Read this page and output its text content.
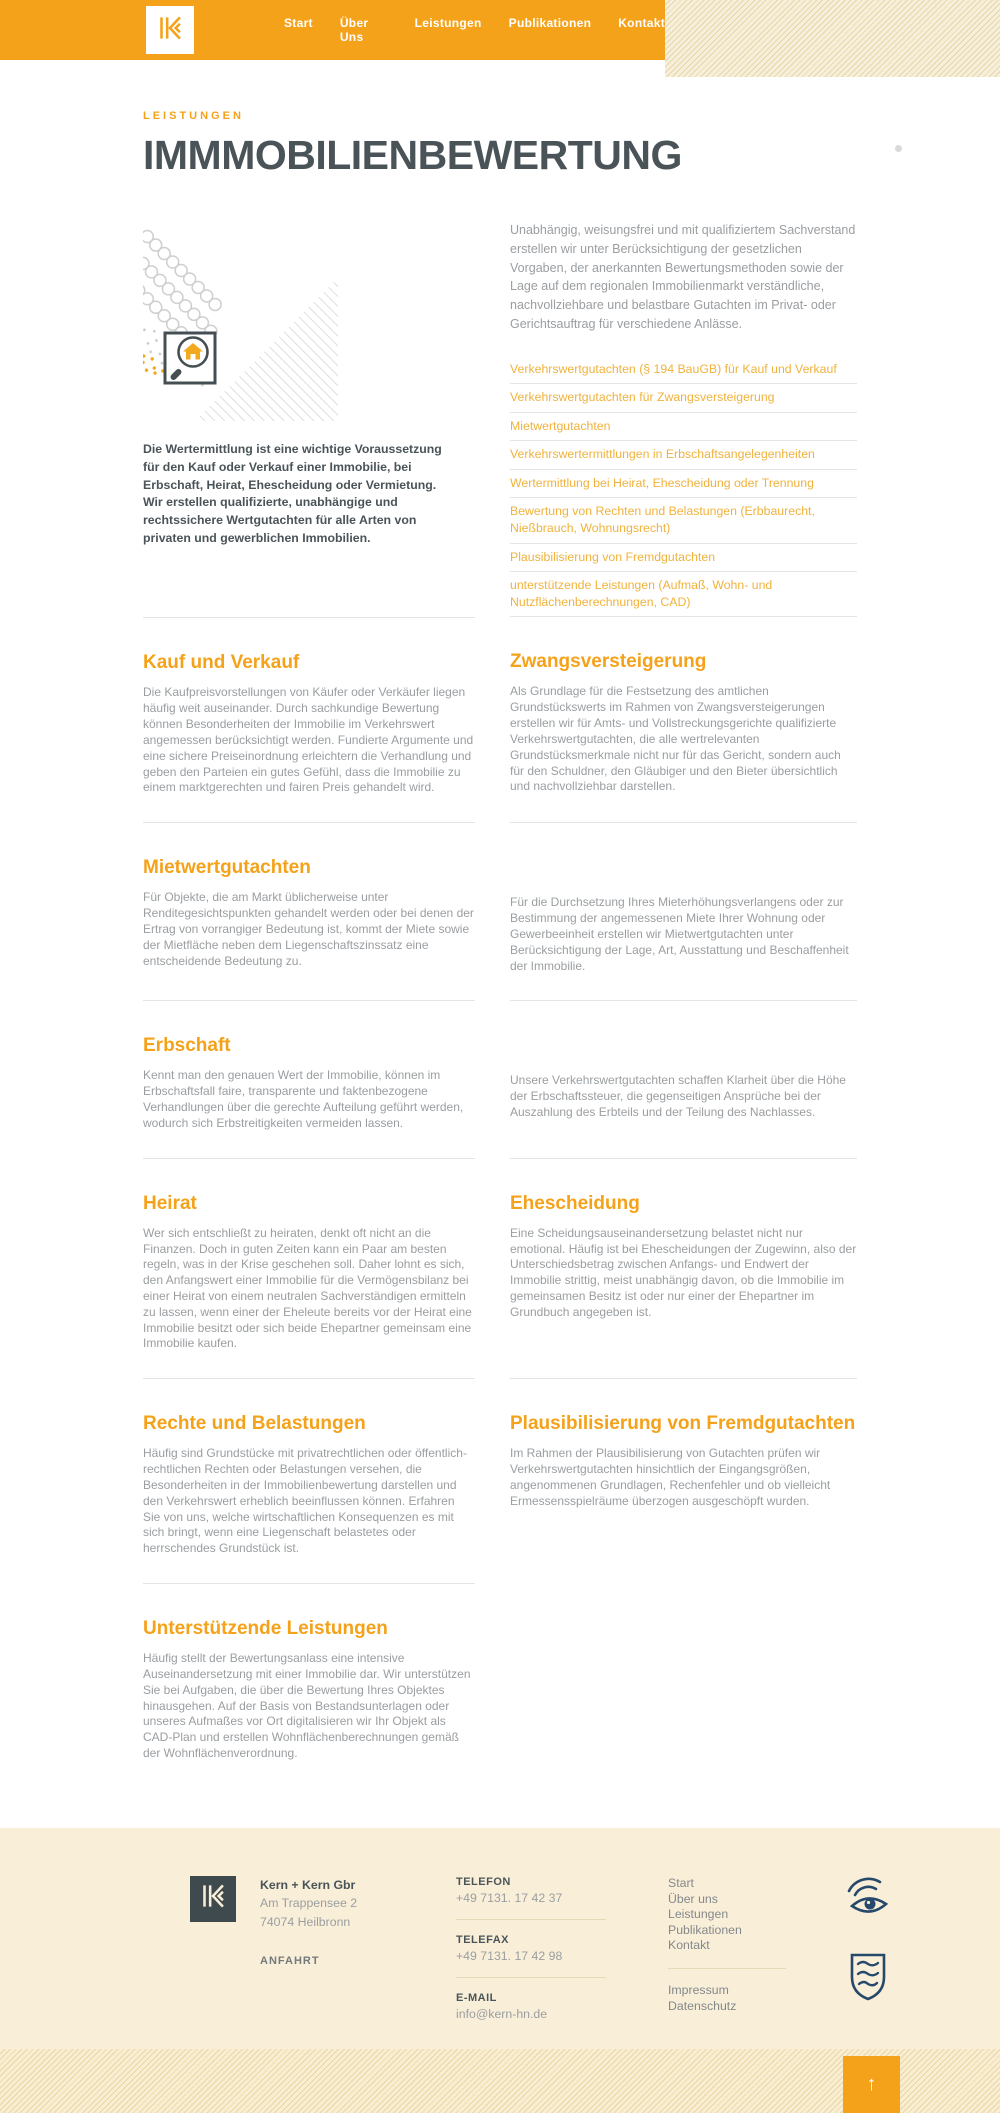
Start Über Uns
Leistungen Publikationen Kontakt
LEISTUNGEN
IMMMOBILIENBEWERTUNG

Die Wertermittlung ist eine wichtige Voraussetzung für den Kauf oder Verkauf einer Immobilie, bei Erbschaft, Heirat, Ehescheidung oder Vermietung. Wir erstellen qualifizierte, unabhängige und rechtssichere Wertgutachten für alle Arten von privaten und gewerblichen Immobilien.

Unabhängig, weisungsfrei und mit qualifiziertem Sachverstand erstellen wir unter Berücksichtigung der gesetzlichen Vorgaben, der anerkannten Bewertungsmethoden sowie der Lage auf dem regionalen Immobilienmarkt verständliche, nachvollziehbare und belastbare Gutachten im Privat- oder Gerichtsauftrag für verschiedene Anlässe.

Verkehrswertgutachten (§ 194 BauGB) für Kauf und Verkauf
Verkehrswertgutachten für Zwangsversteigerung
Mietwertgutachten
Verkehrswertermittlungen in Erbschaftsangelegenheiten
Wertermittlung bei Heirat, Ehescheidung oder Trennung
Bewertung von Rechten und Belastungen (Erbbaurecht, Nießbrauch, Wohnungsrecht)
Plausibilisierung von Fremdgutachten
unterstützende Leistungen (Aufmaß, Wohn- und Nutzflächenberechnungen, CAD)
Kauf und Verkauf

Die Kaufpreisvorstellungen von Käufer oder Verkäufer liegen häufig weit auseinander. Durch sachkundige Bewertung können Besonderheiten der Immobilie im Verkehrswert angemessen berücksichtigt werden. Fundierte Argumente und eine sichere Preiseinordnung erleichtern die Verhandlung und geben den Parteien ein gutes Gefühl, dass die Immobilie zu einem marktgerechten und fairen Preis gehandelt wird.

Zwangsversteigerung

Als Grundlage für die Festsetzung des amtlichen Grundstückswerts im Rahmen von Zwangsversteigerungen erstellen wir für Amts- und Vollstreckungsgerichte qualifizierte Verkehrswertgutachten, die alle wertrelevanten Grundstücksmerkmale nicht nur für das Gericht, sondern auch für den Schuldner, den Gläubiger und den Bieter übersichtlich und nachvollziehbar darstellen.

Mietwertgutachten

Für Objekte, die am Markt üblicherweise unter Renditegesichtspunkten gehandelt werden oder bei denen der Ertrag von vorrangiger Bedeutung ist, kommt der Miete sowie der Mietfläche neben dem Liegenschaftszinssatz eine entscheidende Bedeutung zu.

Für die Durchsetzung Ihres Mieterhöhungsverlangens oder zur Bestimmung der angemessenen Miete Ihrer Wohnung oder Gewerbeeinheit erstellen wir Mietwertgutachten unter Berücksichtigung der Lage, Art, Ausstattung und Beschaffenheit der Immobilie.

Erbschaft

Kennt man den genauen Wert der Immobilie, können im Erbschaftsfall faire, transparente und faktenbezogene Verhandlungen über die gerechte Aufteilung geführt werden, wodurch sich Erbstreitigkeiten vermeiden lassen.

Unsere Verkehrswertgutachten schaffen Klarheit über die Höhe der Erbschaftssteuer, die gegenseitigen Ansprüche bei der Auszahlung des Erbteils und der Teilung des Nachlasses.

Heirat

Wer sich entschließt zu heiraten, denkt oft nicht an die Finanzen. Doch in guten Zeiten kann ein Paar am besten regeln, was in der Krise geschehen soll. Daher lohnt es sich, den Anfangswert einer Immobilie für die Vermögensbilanz bei einer Heirat von einem neutralen Sachverständigen ermitteln zu lassen, wenn einer der Eheleute bereits vor der Heirat eine Immobilie besitzt oder sich beide Ehepartner gemeinsam eine Immobilie kaufen.

Ehescheidung

Eine Scheidungsauseinandersetzung belastet nicht nur emotional. Häufig ist bei Ehescheidungen der Zugewinn, also der Unterschiedsbetrag zwischen Anfangs- und Endwert der Immobilie strittig, meist unabhängig davon, ob die Immobilie im gemeinsamen Besitz ist oder nur einer der Ehepartner im Grundbuch angegeben ist.

Rechte und Belastungen

Häufig sind Grundstücke mit privatrechtlichen oder öffentlich-rechtlichen Rechten oder Belastungen versehen, die Besonderheiten in der Immobilienbewertung darstellen und den Verkehrswert erheblich beeinflussen können. Erfahren Sie von uns, welche wirtschaftlichen Konsequenzen es mit sich bringt, wenn eine Liegenschaft belastetes oder herrschendes Grundstück ist.

Plausibilisierung von Fremdgutachten

Im Rahmen der Plausibilisierung von Gutachten prüfen wir Verkehrswertgutachten hinsichtlich der Eingangsgrößen, angenommenen Grundlagen, Rechenfehler und ob vielleicht Ermessensspielräume überzogen ausgeschöpft wurden.

Unterstützende Leistungen

Häufig stellt der Bewertungsanlass eine intensive Auseinandersetzung mit einer Immobilie dar. Wir unterstützen Sie bei Aufgaben, die über die Bewertung Ihres Objektes hinausgehen. Auf der Basis von Bestandsunterlagen oder unseres Aufmaßes vor Ort digitalisieren wir Ihr Objekt als CAD-Plan und erstellen Wohnflächenberechnungen gemäß der Wohnflächenverordnung.

Kern + Kern Gbr
Am Trappensee 2
74074 Heilbronn
ANFAHRT
TELEFON
+49 7131. 17 42 37
TELEFAX
+49 7131. 17 42 98
E-MAIL
info@kern-hn.de
Start
Über uns
Leistungen
Publikationen
Kontakt
Impressum
Datenschutz
↑
